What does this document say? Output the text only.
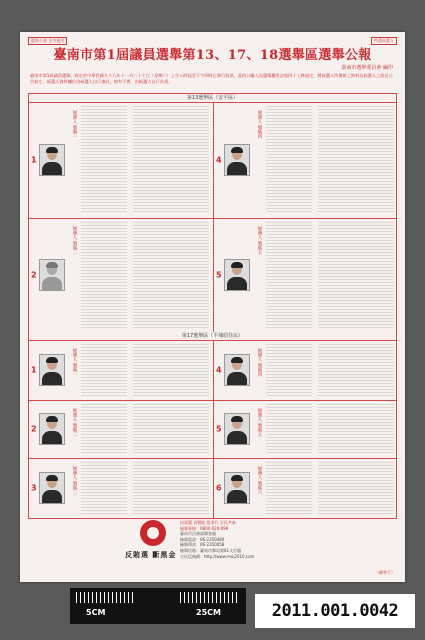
選舉公報 全市通用	特選候選人
臺南市第1屆議員選舉第13、17、18選舉區選舉公報
臺南市選舉委員會 編印
臺南市第1屆議員選舉，經定於中華民國九十九年十一月二十七日（星期六）上午八時起至下午四時止舉行投票，茲依公職人員選舉罷免法第四十七條規定，將候選人所填報之資料及候選人之政見公告如左，候選人資料欄位由候選人自行填具，如有不實，由候選人自行負責。
第13選舉區（安平區）
1
候選人 號碼一
4
候選人 號碼四
2
候選人 號碼二
5
候選人 號碼五
第17選舉區（平埔原住民）
1	候選人 號碼一	4	候選人 號碼四
2	候選人 號碼二	5	候選人 號碼五
3	候選人 號碼三	6	候選人 號碼六
反賄選 斷黑金
投票選 良賢能 乾淨行 全民共來
檢舉專線：0800-024-099
臺南市法務部調查處
檢舉電話：06-2350480
檢舉傳真：06-2350058
檢舉信箱：臺南市郵局第61支信箱
全民反賄網：http://www.moj2010.com
（續背千）
5CM	25CM	2011.001.0042
